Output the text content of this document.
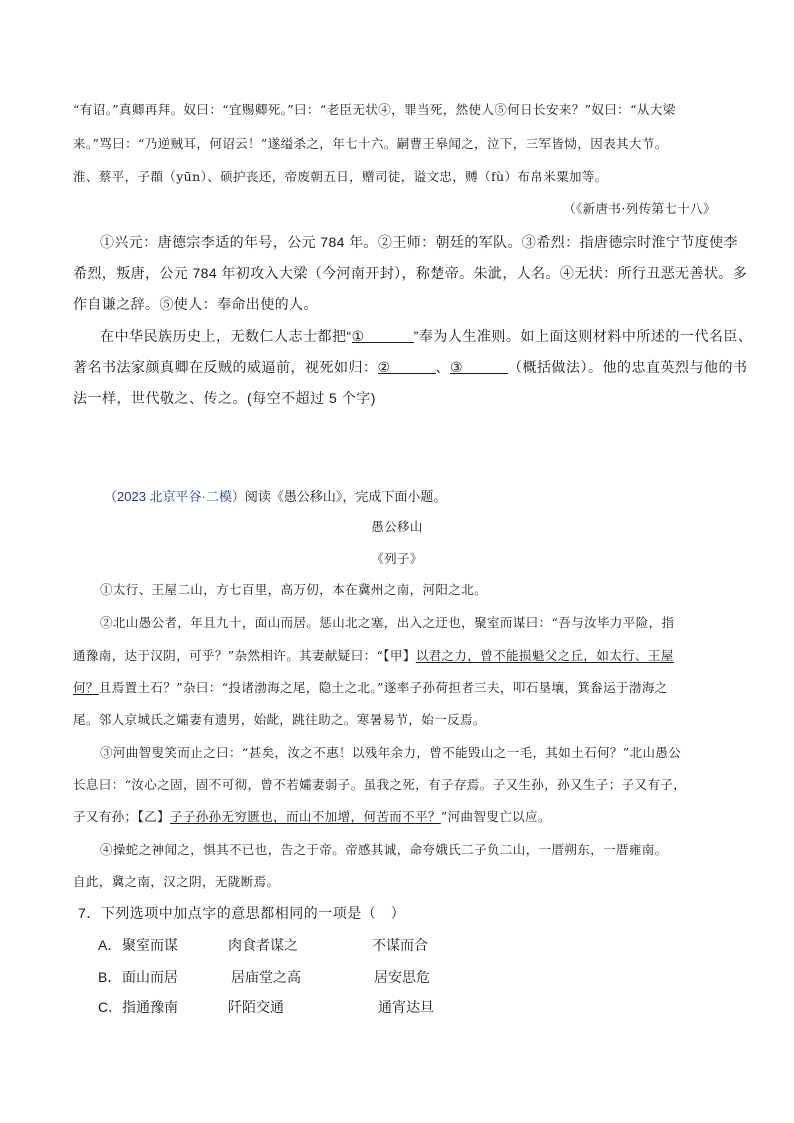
“有诏。”真卿再拜。奴曰：“宜赐卿死。”曰：“老臣无状④，罪当死，然使人⑤何日长安来？”奴曰：“从大梁
来。”骂曰：“乃逆贼耳，何诏云！”遂缢杀之，年七十六。嗣曹王皋闻之，泣下，三军皆恸，因表其大节。
淮、蔡平，子頵（yūn）、硕护丧还，帝废朝五日，赠司徒，谥文忠，赙（fù）布帛米粟加等。
（《新唐书·列传第七十八》
①兴元：唐德宗李适的年号，公元 784 年。②王师：朝廷的军队。③希烈：指唐德宗时淮宁节度使李
希烈，叛唐，公元 784 年初攻入大梁（今河南开封），称楚帝。朱泚，人名。④无状：所行丑恶无善状。多
作自谦之辞。⑤使人：奉命出使的人。
在中华民族历史上，无数仁人志士都把“①	”奉为人生准则。如上面这则材料中所述的一代名臣、
著名书法家颜真卿在反贼的威逼前，视死如归：②	、③	（概括做法）。他的忠直英烈与他的书
法一样，世代敬之、传之。(每空不超过 5 个字)
（2023 北京平谷·二模）阅读《愚公移山》，完成下面小题。
愚公移山
《列子》
①太行、王屋二山，方七百里，高万仞，本在冀州之南，河阳之北。
②北山愚公者，年且九十，面山而居。惩山北之塞，出入之迂也，聚室而谋曰：“吾与汝毕力平险，指
通豫南，达于汉阴，可乎？”杂然相许。其妻献疑曰：“【甲】以君之力，曾不能损魁父之丘，如太行、王屋
何？且焉置土石？”杂曰：“投诸渤海之尾，隐土之北。”遂率子孙荷担者三夫，叩石垦壤，箕畚运于渤海之
尾。邻人京城氏之孀妻有遗男，始龀，跳往助之。寒暑易节，始一反焉。
③河曲智叟笑而止之曰：“甚矣，汝之不惠！以残年余力，曾不能毁山之一毛，其如土石何？”北山愚公
长息曰：“汝心之固，固不可彻，曾不若孀妻弱子。虽我之死，有子存焉。子又生孙，孙又生子；子又有子，
子又有孙；【乙】子子孙孙无穷匮也，而山不加增，何苦而不平？”河曲智叟亡以应。
④操蛇之神闻之，惧其不已也，告之于帝。帝感其诚，命夸娥氏二子负二山，一厝朔东，一厝雍南。
自此，冀之南，汉之阴，无陇断焉。
7．下列选项中加点字的意思都相同的一项是（　）
A． 聚室而谋	肉食者谋之	不谋而合
B． 面山而居	居庙堂之高	居安思危
C． 指通豫南	阡陌交通	通宵达旦
